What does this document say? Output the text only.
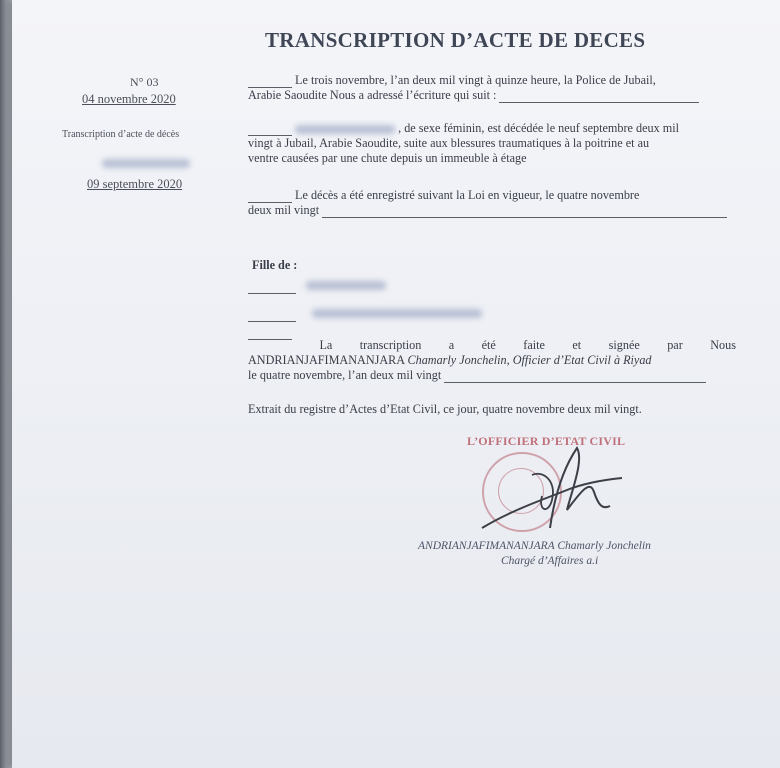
TRANSCRIPTION D’ACTE DE DECES
N° 03
04 novembre 2020
Transcription d’acte de décès
09 septembre 2020
Le trois novembre, l’an deux mil vingt à quinze heure, la Police de Jubail,
Arabie Saoudite Nous a adressé l’écriture qui suit :
, de sexe féminin, est décédée le neuf septembre deux mil
vingt à Jubail, Arabie Saoudite, suite aux blessures traumatiques à la poitrine et au
ventre causées par une chute depuis un immeuble à étage
Le décès a été enregistré suivant la Loi en vigueur, le quatre novembre
deux mil vingt
Fille de :

La transcription a été faite et signée par Nous
ANDRIANJAFIMANANJARA Chamarly Jonchelin, Officier d’Etat Civil à Riyad
le quatre novembre, l’an deux mil vingt
Extrait du registre d’Actes d’Etat Civil, ce jour, quatre novembre deux mil vingt.
L’OFFICIER D’ETAT CIVIL
ANDRIANJAFIMANANJARA Chamarly Jonchelin
Chargé d’Affaires a.i
